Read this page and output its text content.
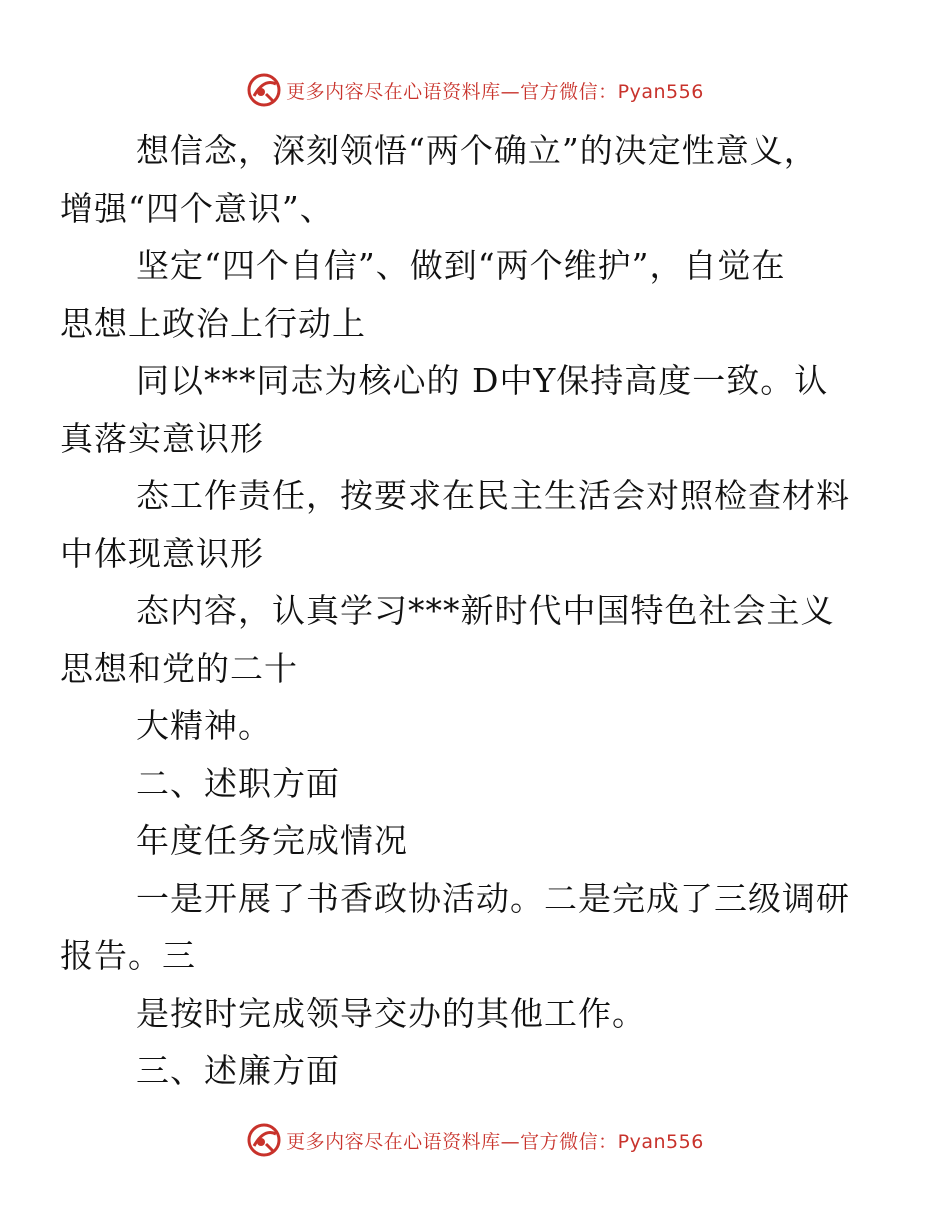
更多内容尽在心语资料库—官方微信：Pyan556

想信念，深刻领悟“两个确立”的决定性意义，
增强“四个意识”、

坚定“四个自信”、做到“两个维护”，自觉在
思想上政治上行动上

同以***同志为核心的 D中Y保持高度一致。认
真落实意识形

态工作责任，按要求在民主生活会对照检查材料
中体现意识形

态内容，认真学习***新时代中国特色社会主义
思想和党的二十

大精神。

二、述职方面

年度任务完成情况

一是开展了书香政协活动。二是完成了三级调研
报告。三

是按时完成领导交办的其他工作。

三、述廉方面

更多内容尽在心语资料库—官方微信：Pyan556
